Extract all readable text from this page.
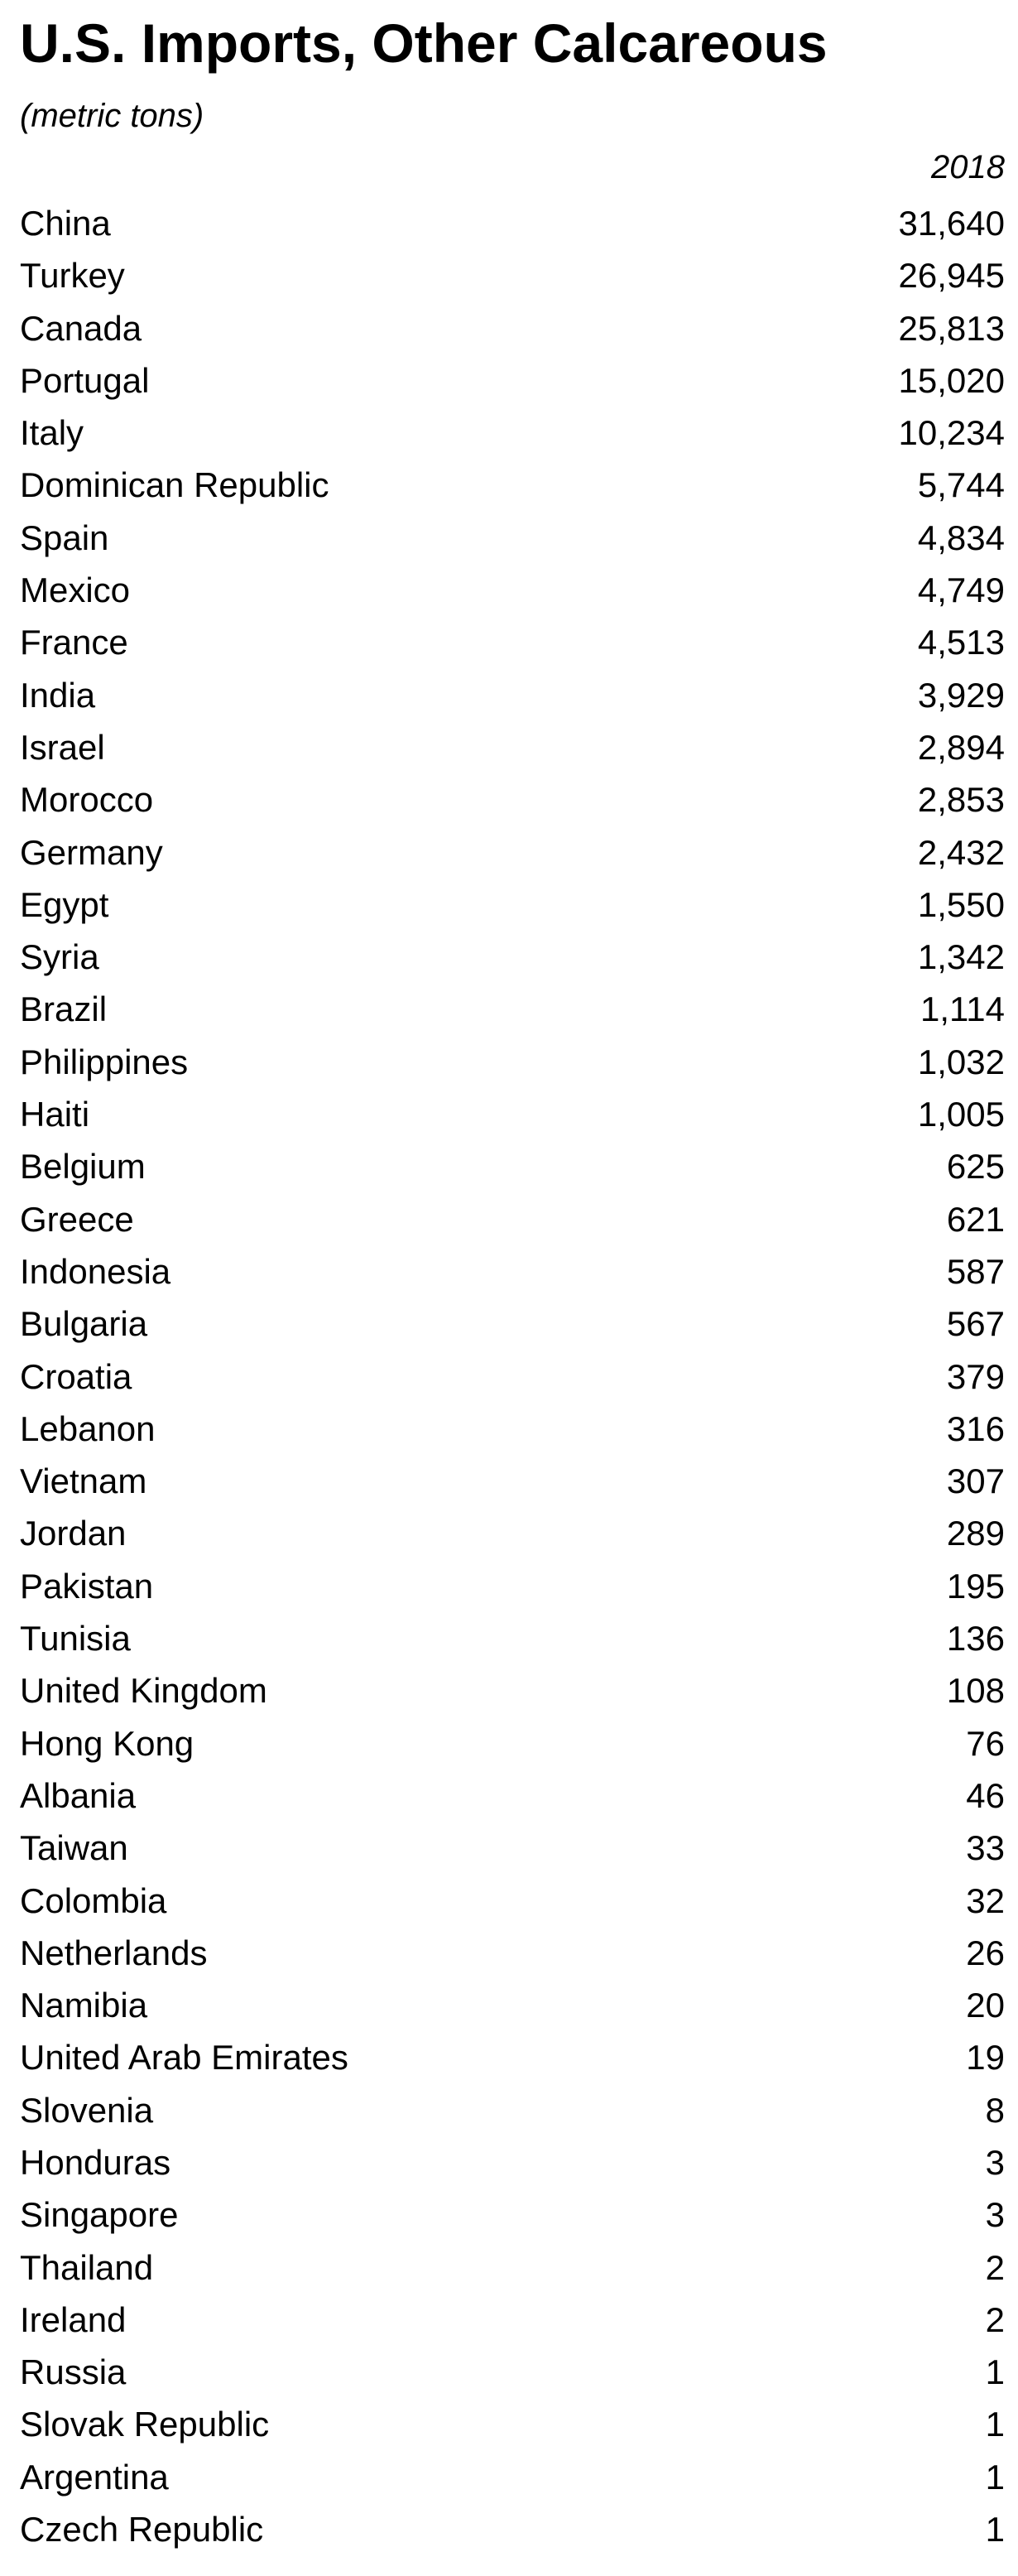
U.S. Imports, Other Calcareous
(metric tons)
2018
China	31,640
Turkey	26,945
Canada	25,813
Portugal	15,020
Italy	10,234
Dominican Republic	5,744
Spain	4,834
Mexico	4,749
France	4,513
India	3,929
Israel	2,894
Morocco	2,853
Germany	2,432
Egypt	1,550
Syria	1,342
Brazil	1,114
Philippines	1,032
Haiti	1,005
Belgium	625
Greece	621
Indonesia	587
Bulgaria	567
Croatia	379
Lebanon	316
Vietnam	307
Jordan	289
Pakistan	195
Tunisia	136
United Kingdom	108
Hong Kong	76
Albania	46
Taiwan	33
Colombia	32
Netherlands	26
Namibia	20
United Arab Emirates	19
Slovenia	8
Honduras	3
Singapore	3
Thailand	2
Ireland	2
Russia	1
Slovak Republic	1
Argentina	1
Czech Republic	1
